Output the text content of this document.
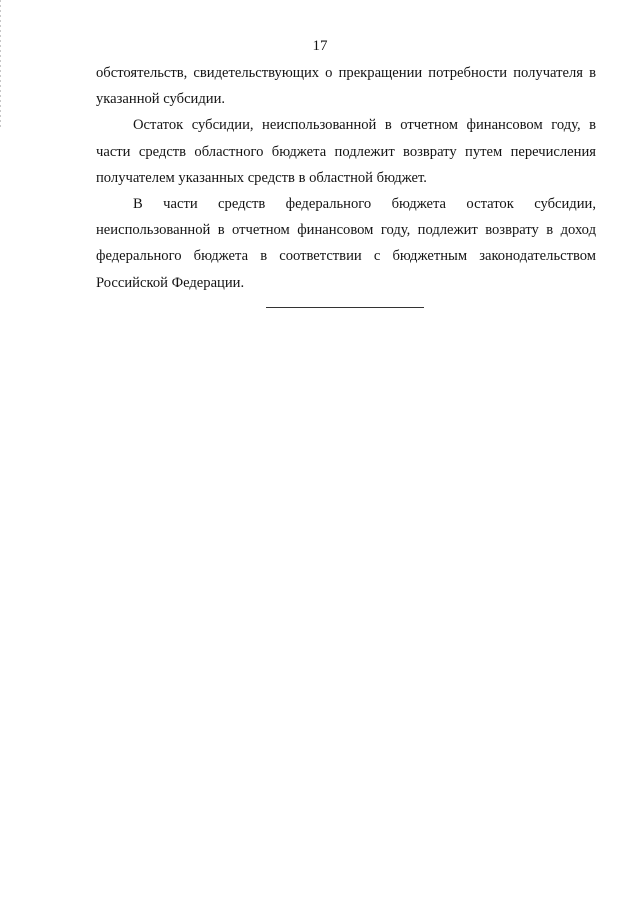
17

обстоятельств, свидетельствующих о прекращении потребности получателя в указанной субсидии.

Остаток субсидии, неиспользованной в отчетном финансовом году, в части средств областного бюджета подлежит возврату путем перечисления получателем указанных средств в областной бюджет.

В части средств федерального бюджета остаток субсидии, неиспользованной в отчетном финансовом году, подлежит возврату в доход федерального бюджета в соответствии с бюджетным законодательством Российской Федерации.
